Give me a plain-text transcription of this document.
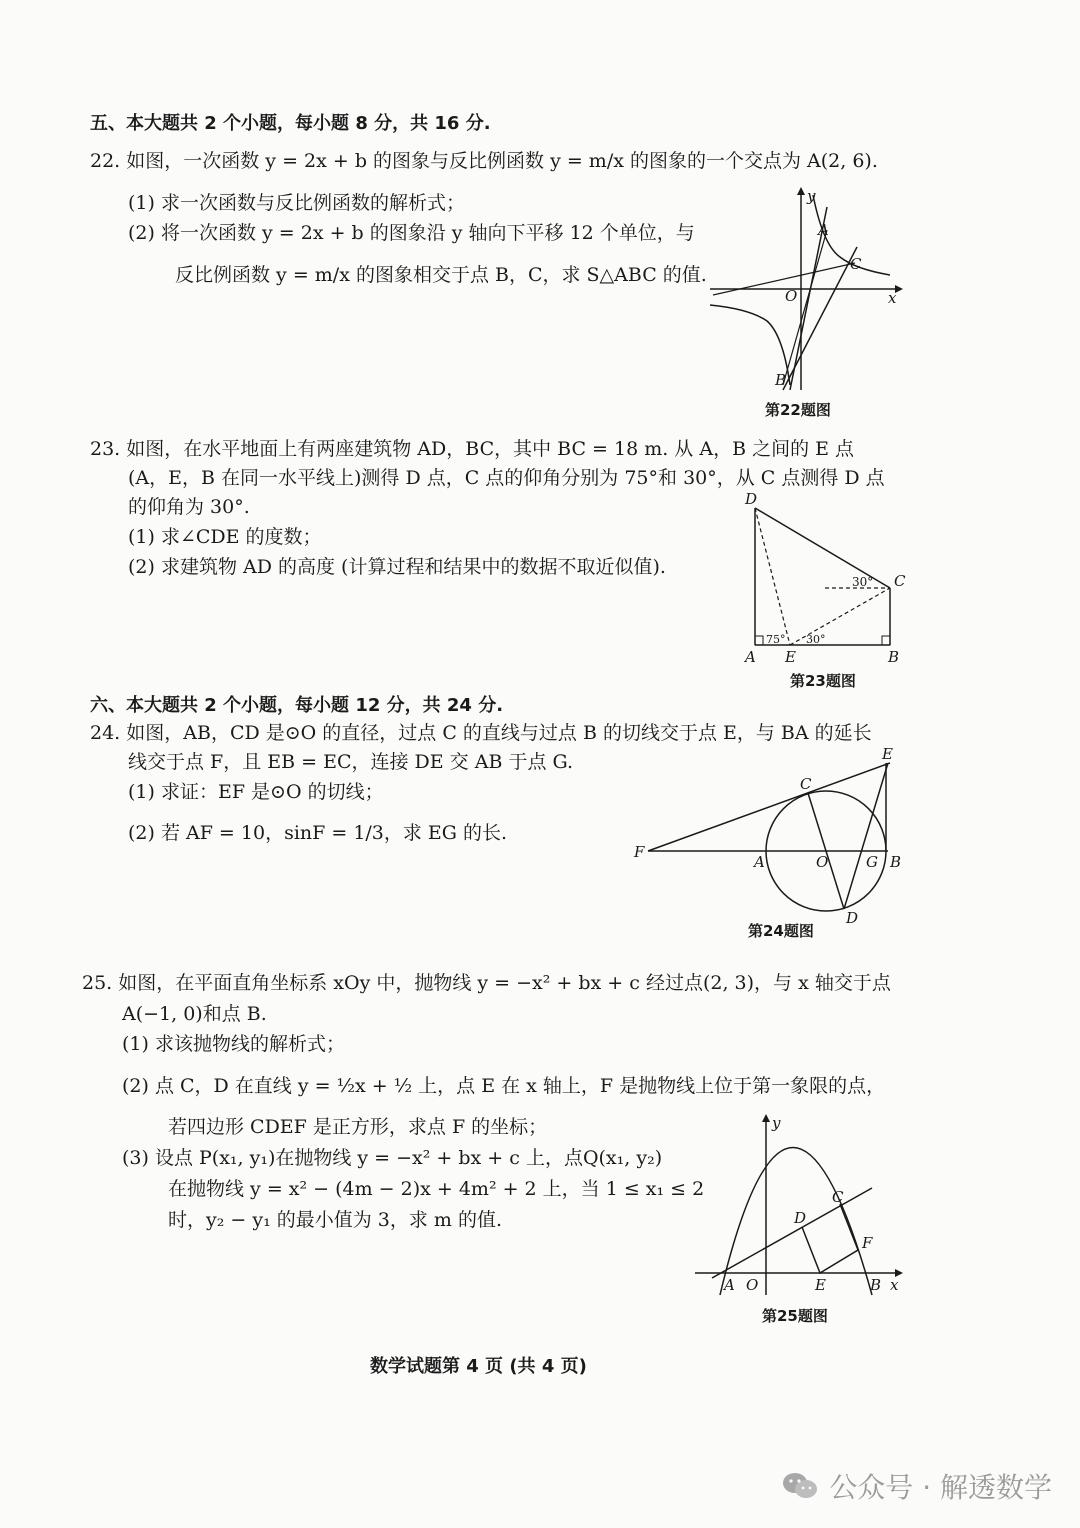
五、本大题共 2 个小题，每小题 8 分，共 16 分.
22. 如图，一次函数 y = 2x + b 的图象与反比例函数 y = m/x 的图象的一个交点为 A(2, 6).
(1) 求一次函数与反比例函数的解析式；
(2) 将一次函数 y = 2x + b 的图象沿 y 轴向下平移 12 个单位，与
反比例函数 y = m/x 的图象相交于点 B，C，求 S△ABC 的值.
y
x
A
C
O
B
第22题图
23. 如图，在水平地面上有两座建筑物 AD，BC，其中 BC = 18 m. 从 A，B 之间的 E 点
(A，E，B 在同一水平线上)测得 D 点，C 点的仰角分别为 75°和 30°，从 C 点测得 D 点
的仰角为 30°.
(1) 求∠CDE 的度数；
(2) 求建筑物 AD 的高度 (计算过程和结果中的数据不取近似值).
D
C
A E	B
30°
75° 30°
第23题图
六、本大题共 2 个小题，每小题 12 分，共 24 分.
24. 如图，AB，CD 是⊙O 的直径，过点 C 的直线与过点 B 的切线交于点 E，与 BA 的延长
线交于点 F，且 EB = EC，连接 DE 交 AB 于点 G.
(1) 求证：EF 是⊙O 的切线；
(2) 若 AF = 10，sinF = 1/3，求 EG 的长.
E
C
F
A	O	G B
D
第24题图
25. 如图，在平面直角坐标系 xOy 中，抛物线 y = −x² + bx + c 经过点(2, 3)，与 x 轴交于点
A(−1, 0)和点 B.
(1) 求该抛物线的解析式；
(2) 点 C，D 在直线 y = ½x + ½ 上，点 E 在 x 轴上，F 是抛物线上位于第一象限的点，
若四边形 CDEF 是正方形，求点 F 的坐标；
(3) 设点 P(x₁, y₁)在抛物线 y = −x² + bx + c 上，点Q(x₁, y₂)
在抛物线 y = x² − (4m − 2)x + 4m² + 2 上，当 1 ≤ x₁ ≤ 2
时，y₂ − y₁ 的最小值为 3，求 m 的值.
y
x
A O	E	B
D
C
F
第25题图
数学试题第 4 页 (共 4 页)
公众号 · 解透数学
